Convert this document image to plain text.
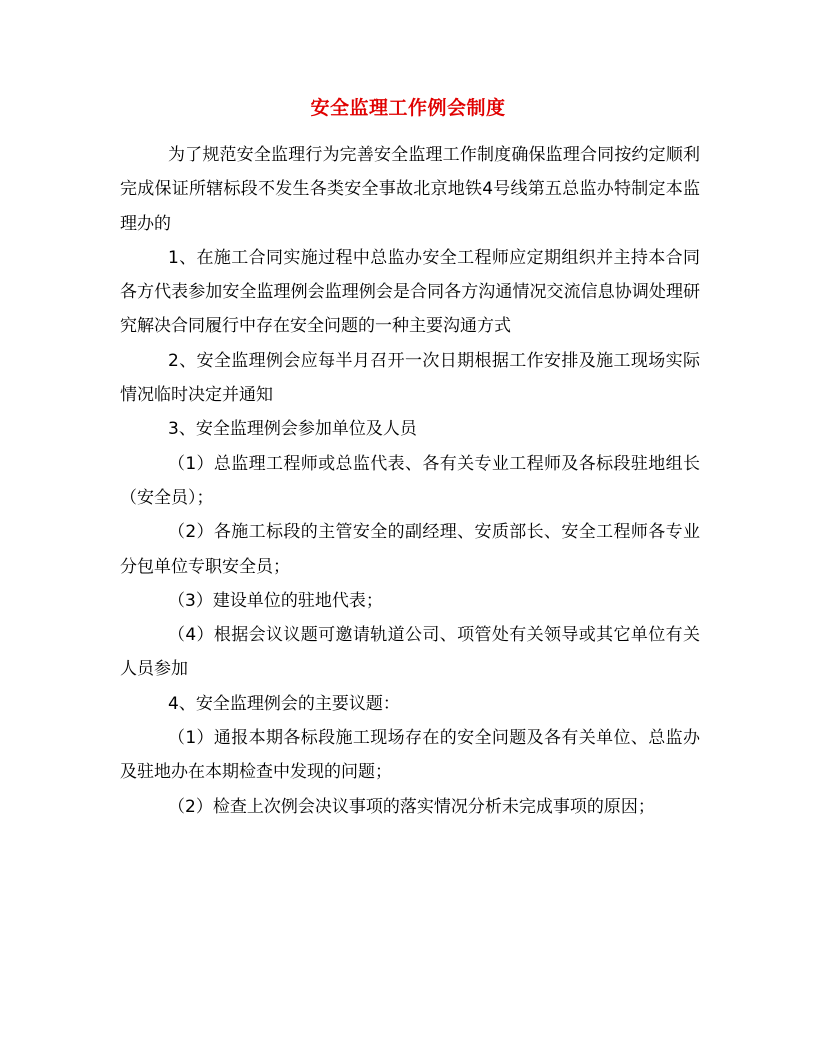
安全监理工作例会制度

为了规范安全监理行为完善安全监理工作制度确保监理合同按约定顺利完成保证所辖标段不发生各类安全事故北京地铁4号线第五总监办特制定本监理办的

1、在施工合同实施过程中总监办安全工程师应定期组织并主持本合同各方代表参加安全监理例会监理例会是合同各方沟通情况交流信息协调处理研究解决合同履行中存在安全问题的一种主要沟通方式

2、安全监理例会应每半月召开一次日期根据工作安排及施工现场实际情况临时决定并通知

3、安全监理例会参加单位及人员

（1）总监理工程师或总监代表、各有关专业工程师及各标段驻地组长（安全员）；

（2）各施工标段的主管安全的副经理、安质部长、安全工程师各专业分包单位专职安全员；

（3）建设单位的驻地代表；

（4）根据会议议题可邀请轨道公司、项管处有关领导或其它单位有关人员参加

4、安全监理例会的主要议题：

（1）通报本期各标段施工现场存在的安全问题及各有关单位、总监办及驻地办在本期检查中发现的问题；

（2）检查上次例会决议事项的落实情况分析未完成事项的原因；
